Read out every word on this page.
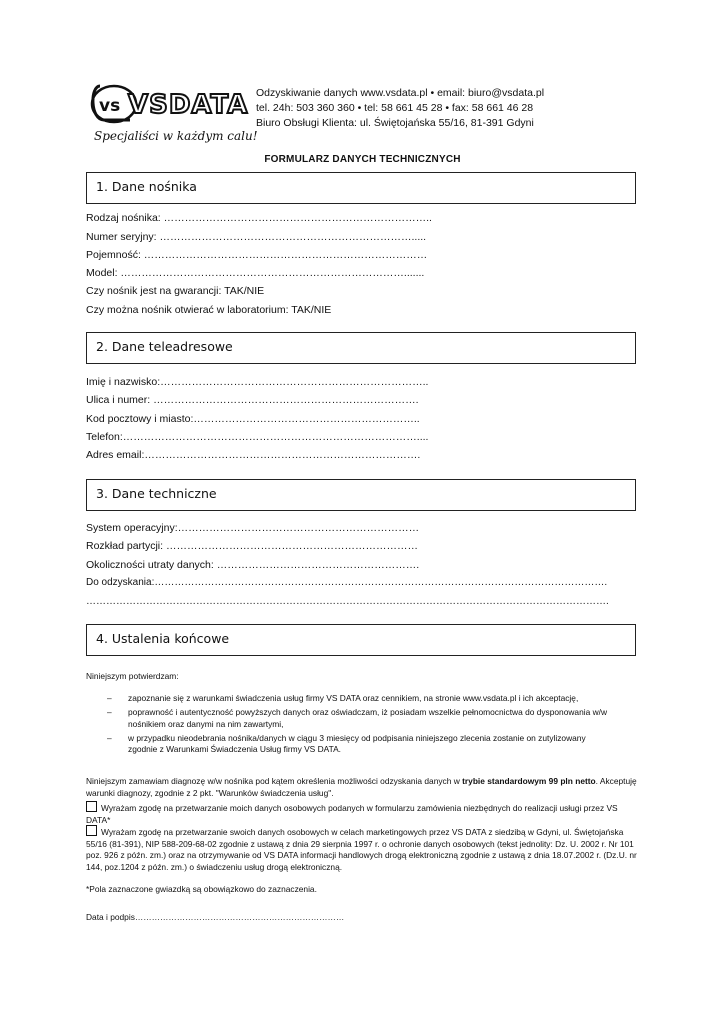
vs VSDATA
Specjaliści w każdym calu!
Odzyskiwanie danych www.vsdata.pl • email: biuro@vsdata.pl
tel. 24h: 503 360 360 • tel: 58 661 45 28 • fax: 58 661 46 28
Biuro Obsługi Klienta: ul. Świętojańska 55/16, 81-391 Gdyni
FORMULARZ DANYCH TECHNICZNYCH
1. Dane nośnika
Rodzaj nośnika: …………………………………………………………………..
Numer seryjny: ……………………………………………………………….....
Pojemność: ………………………………………………………………………
Model: ……………………………………………………………………….......
Czy nośnik jest na gwarancji: TAK/NIE
Czy można nośnik otwierać w laboratorium: TAK/NIE
2. Dane teleadresowe
Imię i nazwisko:…………………………………………………………………..
Ulica i numer: ………………………………………………………………….
Kod pocztowy i miasto:………………………………………………………..
Telefon:…………………………………………………………………………....
Adres email:…………………………………………………………………….
3. Dane techniczne
System operacyjny:……………………………………………………………
Rozkład partycji: ………………………………………………………………
Okoliczności utraty danych: ………………………………………………….
Do odzyskania:……………………………………………………………………………………………………………………….
………………………………………………………………………………………………………………………………………….
4. Ustalenia końcowe
Niniejszym potwierdzam:
– zapoznanie się z warunkami świadczenia usług firmy VS DATA oraz cennikiem, na stronie www.vsdata.pl i ich akceptację,
– poprawność i autentyczność powyższych danych oraz oświadczam, iż posiadam wszelkie pełnomocnictwa do dysponowania w/w nośnikiem oraz danymi na nim zawartymi,
– w przypadku nieodebrania nośnika/danych w ciągu 3 miesięcy od podpisania niniejszego zlecenia zostanie on zutylizowany zgodnie z Warunkami Świadczenia Usług firmy VS DATA.
Niniejszym zamawiam diagnozę w/w nośnika pod kątem określenia możliwości odzyskania danych w trybie standardowym 99 pln netto. Akceptuję warunki diagnozy, zgodnie z 2 pkt. "Warunków świadczenia usług".
Wyrażam zgodę na przetwarzanie moich danych osobowych podanych w formularzu zamówienia niezbędnych do realizacji usługi przez VS DATA*
Wyrażam zgodę na przetwarzanie swoich danych osobowych w celach marketingowych przez VS DATA z siedzibą w Gdyni, ul. Świętojańska 55/16 (81-391), NIP 588-209-68-02 zgodnie z ustawą z dnia 29 sierpnia 1997 r. o ochronie danych osobowych (tekst jednolity: Dz. U. 2002 r. Nr 101 poz. 926 z późn. zm.) oraz na otrzymywanie od VS DATA informacji handlowych drogą elektroniczną zgodnie z ustawą z dnia 18.07.2002 r. (Dz.U. nr 144, poz.1204 z późn. zm.) o świadczeniu usług drogą elektroniczną.
*Pola zaznaczone gwiazdką są obowiązkowo do zaznaczenia.
Data i podpis…………………………………………………………………
